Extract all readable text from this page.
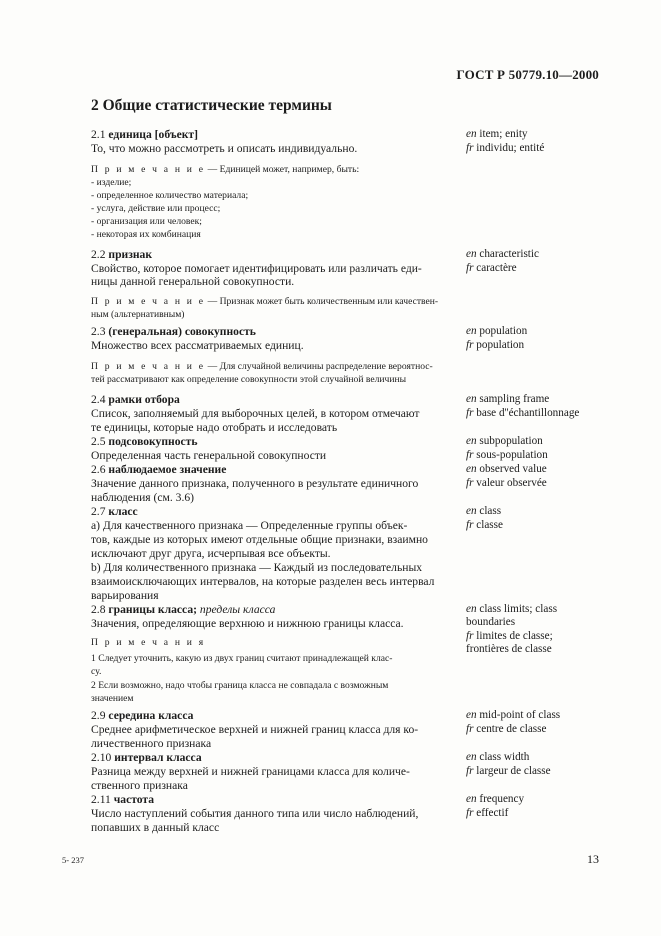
ГОСТ Р 50779.10—2000
2 Общие статистические термины
2.1 единица [объект]
То, что можно рассмотреть и описать индивидуально.
П р и м е ч а н и е — Единицей может, например, быть:
- изделие;
- определенное количество материала;
- услуга, действие или процесс;
- организация или человек;
- некоторая их комбинация
en item; enity
fr individu; entité
2.2 признак
Свойство, которое помогает идентифицировать или различать еди-
ницы данной генеральной совокупности.
П р и м е ч а н и е — Признак может быть количественным или качествен-
ным (альтернативным)
en characteristic
fr caractère
2.3 (генеральная) совокупность
Множество всех рассматриваемых единиц.
П р и м е ч а н и е — Для случайной величины распределение вероятнос-
тей рассматривают как определение совокупности этой случайной величины
en population
fr population
2.4 рамки отбора
Список, заполняемый для выборочных целей, в котором отмечают
те единицы, которые надо отобрать и исследовать
en sampling frame
fr base d''échantillonnage
2.5 подсовокупность
Определенная часть генеральной совокупности
en subpopulation
fr sous-population
2.6 наблюдаемое значение
Значение данного признака, полученного в результате единичного
наблюдения (см. 3.6)
en observed value
fr valeur observée
2.7 класс
а) Для качественного признака — Определенные группы объек-
тов, каждые из которых имеют отдельные общие признаки, взаимно
исключают друг друга, исчерпывая все объекты.
b) Для количественного признака — Каждый из последовательных
взаимоисключающих интервалов, на которые разделен весь интервал
варьирования
en class
fr classe
2.8 границы класса; пределы класса
Значения, определяющие верхнюю и нижнюю границы класса.
П р и м е ч а н и я
1 Следует уточнить, какую из двух границ считают принадлежащей клас-
су.
2 Если возможно, надо чтобы граница класса не совпадала с возможным
значением
en class limits; class
boundaries
fr limites de classe;
frontières de classe
2.9 середина класса
Среднее арифметическое верхней и нижней границ класса для ко-
личественного признака
en mid-point of class
fr centre de classe
2.10 интервал класса
Разница между верхней и нижней границами класса для количе-
ственного признака
en class width
fr largeur de classe
2.11 частота
Число наступлений события данного типа или число наблюдений,
попавших в данный класс
en frequency
fr effectif
5- 237	13
